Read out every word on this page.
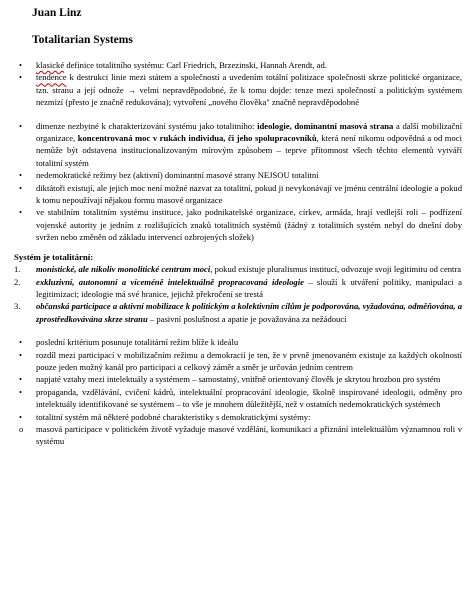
Juan Linz
Totalitarian Systems
• klasické definice totalitního systému: Carl Friedrich, Brzezinski, Hannah Arendt, ad.
• tendence k destrukci linie mezi státem a společností a uvedením totální politizace společnosti skrze politické organizace, tzn. stranu a její odnože → velmi nepravděpodobné, že k tomu dojde: tenze mezi společností a politickým systémem nezmizí (přesto je značně redukována); vytvoření „nového člověka" značně nepravděpodobné
• dimenze nezbytné k charakterizování systému jako totalitního: ideologie, dominantní masová strana a další mobilizační organizace, koncentrovaná moc v rukách individua, či jeho spolupracovníků, která není nikomu odpovědná a od moci nemůže být odstavena institucionalizovaným mírovým způsobem – teprve přítomnost všech těchto elementů vytváří totalitní systém
• nedemokratické režimy bez (aktivní) dominantní masové strany NEJSOU totalitní
• diktátoři existují, ale jejich moc není možné nazvat za totalitní, pokud ji nevykonávají ve jménu centrální ideologie a pokud k tomu nepoužívají nějakou formu masové organizace
• ve stabilním totalitním systému instituce, jako podnikatelské organizace, církev, armáda, hrají vedlejší roli – podřízení vojenské autority je jedním z rozlišujících znaků totalitních systémů (žádný z totalitních systém nebyl do dnešní doby svržen nebo změněn od základu intervencí ozbrojených složek)
Systém je totalitární:
1. monistické, ale nikoliv monolitické centrum moci, pokud existuje pluralismus institucí, odvozuje svoji legitimitu od centra
2. exkluzivní, autonomní a víceméně intelektuálně propracovaná ideologie – slouží k utváření politiky, manipulaci a legitimizaci; ideologie má své hranice, jejichž překročení se trestá
3. občanská participace a aktivní mobilizace k politickým a kolektivním cílům je podporována, vyžadována, odměňována, a zprostředkovávána skrze stranu – pasivní poslušnost a apatie je považována za nežádoucí
• poslední kritérium posunuje totalitární režim blíže k ideálu
• rozdíl mezi participací v mobilizačním režimu a demokracií je ten, že v prvně jmenovaném existuje za každých okolností pouze jeden možný kanál pro participaci a celkový záměr a směr je určován jedním centrem
• napjaté vztahy mezi intelektuály a systémem – samostatný, vnitřně orientovaný člověk je skrytou hrozbou pro systém
• propaganda, vzdělávání, cvičení kádrů, intelektuální propracování ideologie, školně inspirované ideologii, odměny pro intelektuály identifikované se systémem – to vše je mnohem důležitější, než v ostatních nedemokratických systémech
• totalitní systém má některé podobné charakteristiky s demokratickými systémy:
o masová participace v politickém životě vyžaduje masové vzdělání, komunikaci a přiznání intelektuálům významnou roli v systému
